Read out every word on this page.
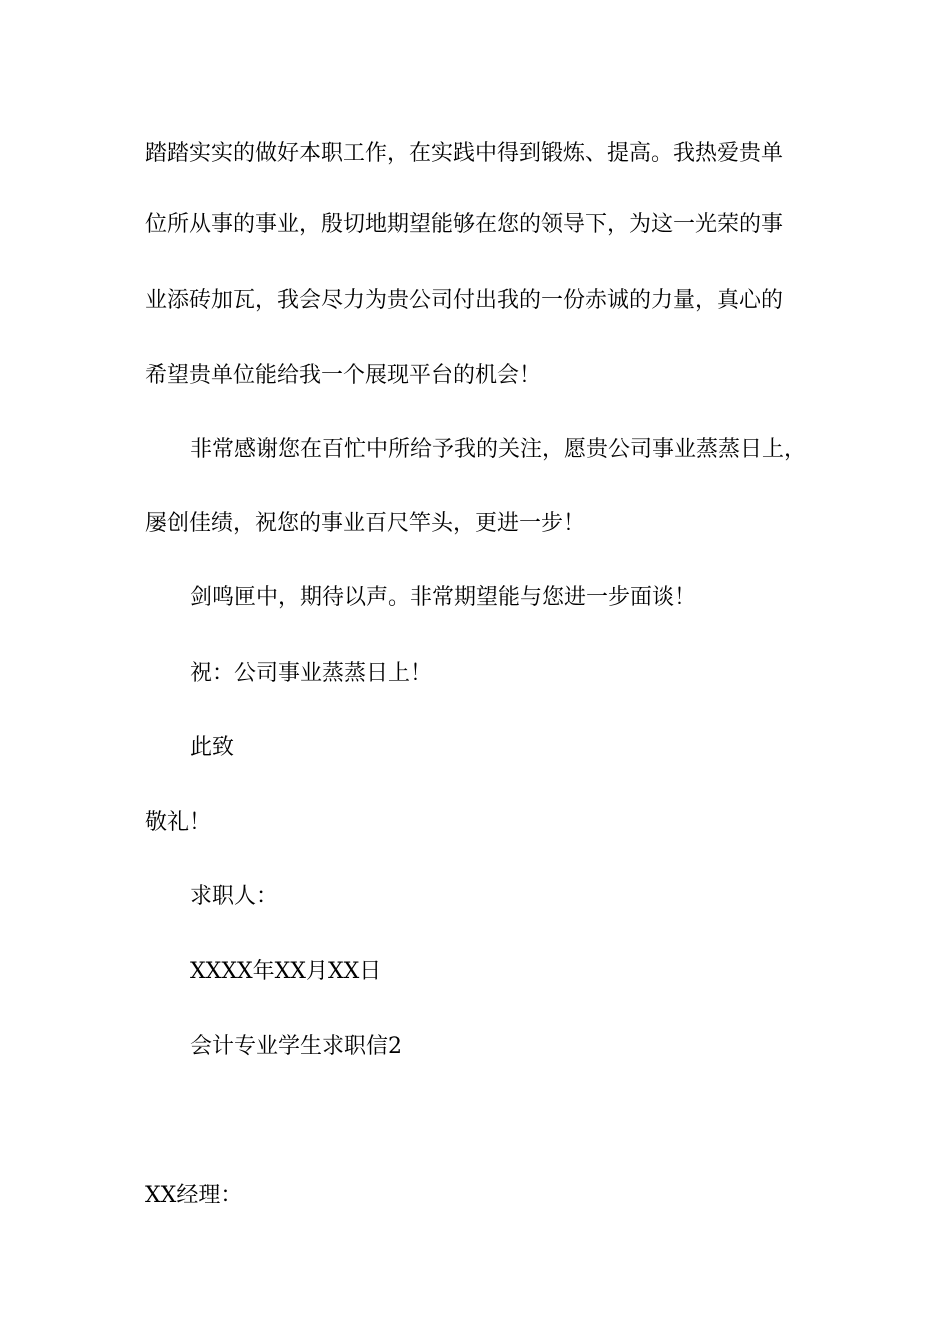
踏踏实实的做好本职工作，在实践中得到锻炼、提高。我热爱贵单
位所从事的事业，殷切地期望能够在您的领导下，为这一光荣的事
业添砖加瓦，我会尽力为贵公司付出我的一份赤诚的力量，真心的
希望贵单位能给我一个展现平台的机会！
非常感谢您在百忙中所给予我的关注，愿贵公司事业蒸蒸日上，
屡创佳绩，祝您的事业百尺竿头，更进一步！
剑鸣匣中，期待以声。非常期望能与您进一步面谈！
祝：公司事业蒸蒸日上！
此致
敬礼！
求职人：
XXXX年XX月XX日
会计专业学生求职信2
XX经理：
